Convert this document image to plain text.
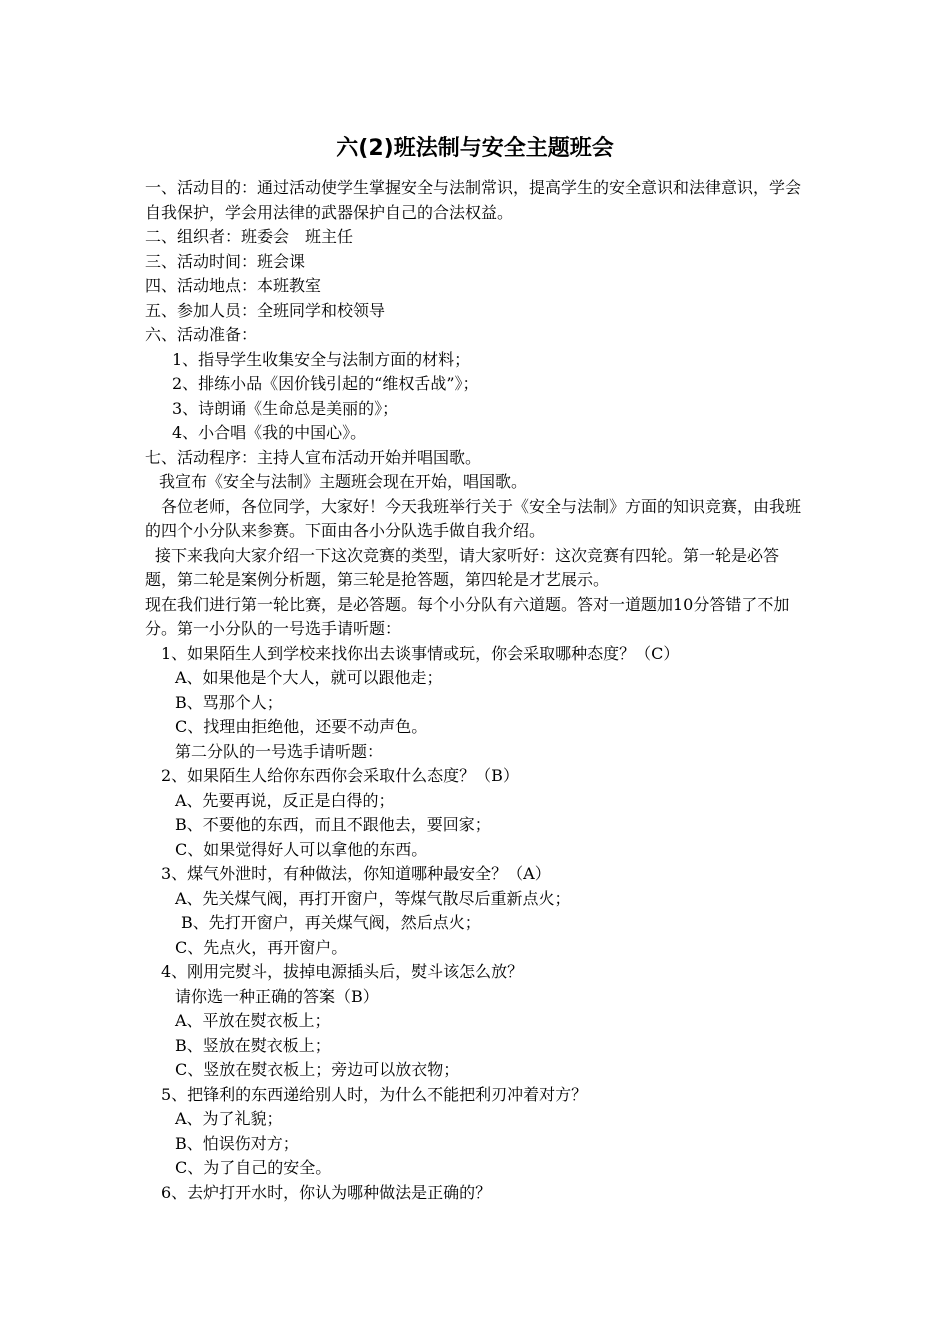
六(2)班法制与安全主题班会

一、活动目的：通过活动使学生掌握安全与法制常识，提高学生的安全意识和法律意识，学会自我保护，学会用法律的武器保护自己的合法权益。

二、组织者：班委会　班主任

三、活动时间：班会课

四、活动地点：本班教室

五、参加人员：全班同学和校领导

六、活动准备：

1、指导学生收集安全与法制方面的材料；

2、排练小品《因价钱引起的“维权舌战”》；

3、诗朗诵《生命总是美丽的》；

4、小合唱《我的中国心》。

七、活动程序：主持人宣布活动开始并唱国歌。

我宣布《安全与法制》主题班会现在开始，唱国歌。

各位老师，各位同学，大家好！今天我班举行关于《安全与法制》方面的知识竞赛，由我班的四个小分队来参赛。下面由各小分队选手做自我介绍。

接下来我向大家介绍一下这次竞赛的类型，请大家听好：这次竞赛有四轮。第一轮是必答题，第二轮是案例分析题，第三轮是抢答题，第四轮是才艺展示。

现在我们进行第一轮比赛，是必答题。每个小分队有六道题。答对一道题加10分答错了不加分。第一小分队的一号选手请听题：

1、如果陌生人到学校来找你出去谈事情或玩，你会采取哪种态度？（C）

A、如果他是个大人，就可以跟他走；

B、骂那个人；

C、找理由拒绝他，还要不动声色。

第二分队的一号选手请听题：

2、如果陌生人给你东西你会采取什么态度？（B）

A、先要再说，反正是白得的；

B、不要他的东西，而且不跟他去，要回家；

C、如果觉得好人可以拿他的东西。

3、煤气外泄时，有种做法，你知道哪种最安全？（A）

A、先关煤气阀，再打开窗户，等煤气散尽后重新点火；

B、先打开窗户，再关煤气阀，然后点火；

C、先点火，再开窗户。

4、刚用完熨斗，拔掉电源插头后，熨斗该怎么放？

请你选一种正确的答案（B）

A、平放在熨衣板上；

B、竖放在熨衣板上；

C、竖放在熨衣板上；旁边可以放衣物；

5、把锋利的东西递给别人时，为什么不能把利刃冲着对方？

A、为了礼貌；

B、怕误伤对方；

C、为了自己的安全。

6、去炉打开水时，你认为哪种做法是正确的？
